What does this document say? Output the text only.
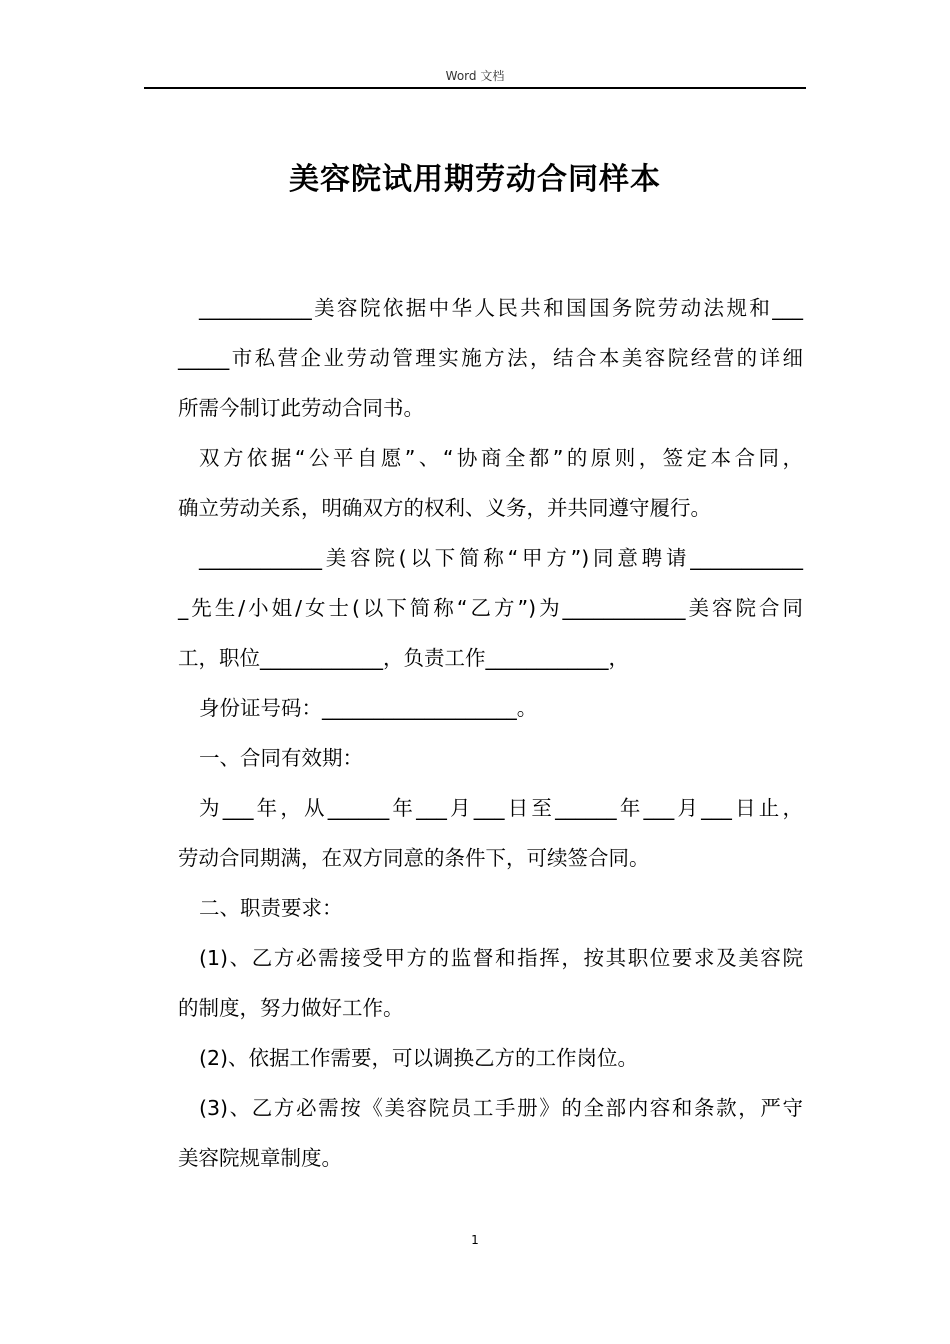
Word 文档
美容院试用期劳动合同样本
___________美容院依据中华人民共和国国务院劳动法规和___
_____市私营企业劳动管理实施方法，结合本美容院经营的详细
所需今制订此劳动合同书。
双方依据“公平自愿”、“协商全都”的原则，签定本合同，
确立劳动关系，明确双方的权利、义务，并共同遵守履行。
____________美容院(以下简称“甲方”)同意聘请___________
_先生/小姐/女士(以下简称“乙方”)为____________美容院合同
工，职位____________，负责工作____________，
身份证号码：___________________。
一、合同有效期：
为___年，从______年___月___日至______年___月___日止，
劳动合同期满，在双方同意的条件下，可续签合同。
二、职责要求：
(1)、乙方必需接受甲方的监督和指挥，按其职位要求及美容院
的制度，努力做好工作。
(2)、依据工作需要，可以调换乙方的工作岗位。
(3)、乙方必需按《美容院员工手册》的全部内容和条款，严守
美容院规章制度。
1
